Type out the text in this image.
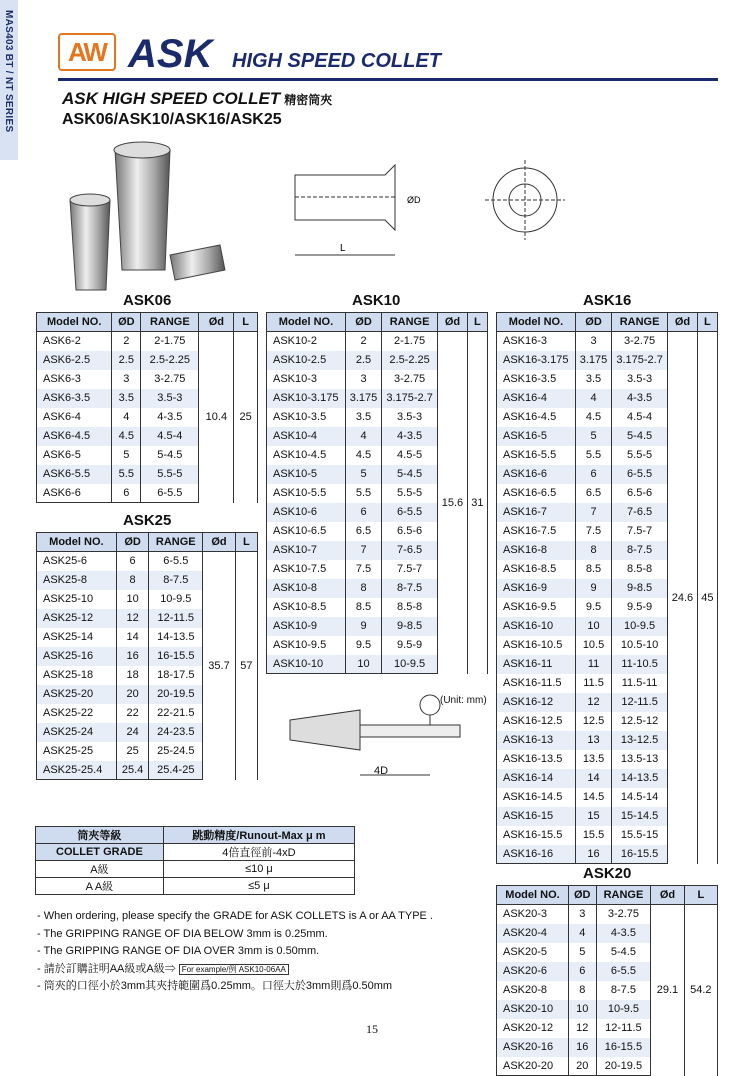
MAS403 BT / NT SERIES AW ASK HIGH SPEED COLLET
ASK HIGH SPEED COLLET 精密筒夾
ASK06/ASK10/ASK16/ASK25
L
ØD
ASK06
Model NO.	ØD	RANGE	Ød	L
ASK6-2	2	2-1.75	10.4	25
ASK6-2.5	2.5	2.5-2.25		
ASK6-3	3	3-2.75		
ASK6-3.5	3.5	3.5-3		
ASK6-4	4	4-3.5		
ASK6-4.5	4.5	4.5-4		
ASK6-5	5	5-4.5		
ASK6-5.5	5.5	5.5-5		
ASK6-6	6	6-5.5		
ASK10
Model NO.	ØD	RANGE	Ød	L
ASK10-2	2	2-1.75	15.6	31
ASK10-2.5	2.5	2.5-2.25		
ASK10-3	3	3-2.75		
ASK10-3.175	3.175	3.175-2.7		
ASK10-3.5	3.5	3.5-3		
ASK10-4	4	4-3.5		
ASK10-4.5	4.5	4.5-5		
ASK10-5	5	5-4.5		
ASK10-5.5	5.5	5.5-5		
ASK10-6	6	6-5.5		
ASK10-6.5	6.5	6.5-6		
ASK10-7	7	7-6.5		
ASK10-7.5	7.5	7.5-7		
ASK10-8	8	8-7.5		
ASK10-8.5	8.5	8.5-8		
ASK10-9	9	9-8.5		
ASK10-9.5	9.5	9.5-9		
ASK10-10	10	10-9.5		
ASK16
Model NO.	ØD	RANGE	Ød	L
ASK16-3	3	3-2.75	24.6	45
ASK16-3.175	3.175	3.175-2.7		
ASK16-3.5	3.5	3.5-3		
ASK16-4	4	4-3.5		
ASK16-4.5	4.5	4.5-4		
ASK16-5	5	5-4.5		
ASK16-5.5	5.5	5.5-5		
ASK16-6	6	6-5.5		
ASK16-6.5	6.5	6.5-6		
ASK16-7	7	7-6.5		
ASK16-7.5	7.5	7.5-7		
ASK16-8	8	8-7.5		
ASK16-8.5	8.5	8.5-8		
ASK16-9	9	9-8.5		
ASK16-9.5	9.5	9.5-9		
ASK16-10	10	10-9.5		
ASK16-10.5	10.5	10.5-10		
ASK16-11	11	11-10.5		
ASK16-11.5	11.5	11.5-11		
ASK16-12	12	12-11.5		
ASK16-12.5	12.5	12.5-12		
ASK16-13	13	13-12.5		
ASK16-13.5	13.5	13.5-13		
ASK16-14	14	14-13.5		
ASK16-14.5	14.5	14.5-14		
ASK16-15	15	15-14.5		
ASK16-15.5	15.5	15.5-15		
ASK16-16	16	16-15.5		
ASK25
Model NO.	ØD	RANGE	Ød	L
ASK25-6	6	6-5.5	35.7	57
ASK25-8	8	8-7.5		
ASK25-10	10	10-9.5		
ASK25-12	12	12-11.5		
ASK25-14	14	14-13.5		
ASK25-16	16	16-15.5		
ASK25-18	18	18-17.5		
ASK25-20	20	20-19.5		
ASK25-22	22	22-21.5		
ASK25-24	24	24-23.5		
ASK25-25	25	25-24.5		
ASK25-25.4	25.4	25.4-25		
ASK20
Model NO.	ØD	RANGE	Ød	L
ASK20-3	3	3-2.75	29.1	54.2
ASK20-4	4	4-3.5		
ASK20-5	5	5-4.5		
ASK20-6	6	6-5.5		
ASK20-8	8	8-7.5		
ASK20-10	10	10-9.5		
ASK20-12	12	12-11.5		
ASK20-16	16	16-15.5		
ASK20-20	20	20-19.5		
(Unit: mm)
4D
筒夾等級	跳動精度/Runout-Max μ m
COLLET GRADE	4倍直徑前-4xD
A級	≤10 μ
A A級	≤5 μ
- When ordering, please specify the GRADE for ASK COLLETS is A or AA TYPE .
- The GRIPPING RANGE OF DIA BELOW 3mm is 0.25mm.
- The GRIPPING RANGE OF DIA OVER 3mm is 0.50mm.
- 請於訂購註明AA級或A級⇒ For example/例 ASK10-06AA
- 筒夾的口徑小於3mm其夾持範圍爲0.25mm。口徑大於3mm則爲0.50mm
15
